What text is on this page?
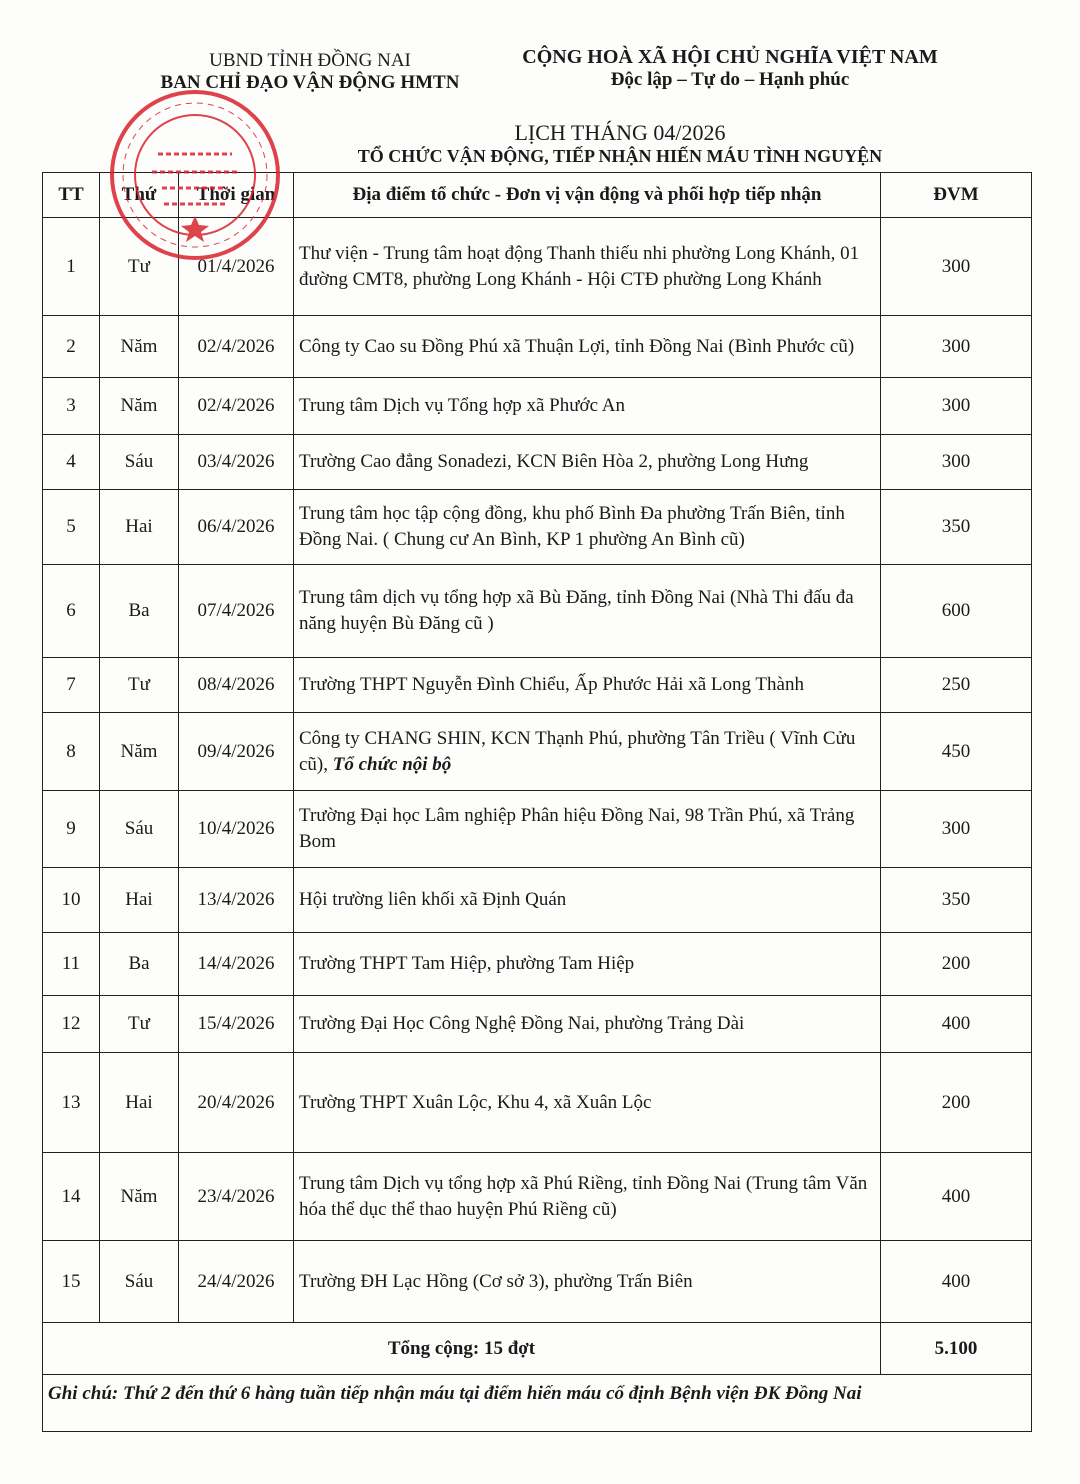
UBND TỈNH ĐỒNG NAI
BAN CHỈ ĐẠO VẬN ĐỘNG HMTN
CỘNG HOÀ XÃ HỘI CHỦ NGHĨA VIỆT NAM
Độc lập – Tự do – Hạnh phúc
LỊCH THÁNG 04/2026
TỔ CHỨC VẬN ĐỘNG, TIẾP NHẬN HIẾN MÁU TÌNH NGUYỆN
TT	Thứ	Thời gian	Địa điểm tổ chức - Đơn vị vận động và phối hợp tiếp nhận	ĐVM
1	Tư	01/4/2026	Thư viện - Trung tâm hoạt động Thanh thiếu nhi phường Long Khánh, 01 đường CMT8, phường Long Khánh - Hội CTĐ phường Long Khánh	300
2	Năm	02/4/2026	Công ty Cao su Đồng Phú xã Thuận Lợi, tỉnh Đồng Nai (Bình Phước cũ)	300
3	Năm	02/4/2026	Trung tâm Dịch vụ Tổng hợp xã Phước An	300
4	Sáu	03/4/2026	Trường Cao đẳng Sonadezi, KCN Biên Hòa 2, phường Long Hưng	300
5	Hai	06/4/2026	Trung tâm học tập cộng đồng, khu phố Bình Đa phường Trấn Biên, tỉnh Đồng Nai. ( Chung cư An Bình, KP 1 phường An Bình cũ)	350
6	Ba	07/4/2026	Trung tâm dịch vụ tổng hợp xã Bù Đăng, tỉnh Đồng Nai (Nhà Thi đấu đa năng huyện Bù Đăng cũ )	600
7	Tư	08/4/2026	Trường THPT Nguyễn Đình Chiểu, Ấp Phước Hải xã Long Thành	250
8	Năm	09/4/2026	Công ty CHANG SHIN, KCN Thạnh Phú, phường Tân Triều ( Vĩnh Cửu cũ), Tổ chức nội bộ	450
9	Sáu	10/4/2026	Trường Đại học Lâm nghiệp Phân hiệu Đồng Nai, 98 Trần Phú, xã Trảng Bom	300
10	Hai	13/4/2026	Hội trường liên khối xã Định Quán	350
11	Ba	14/4/2026	Trường THPT Tam Hiệp, phường Tam Hiệp	200
12	Tư	15/4/2026	Trường Đại Học Công Nghệ Đồng Nai, phường Trảng Dài	400
13	Hai	20/4/2026	Trường THPT Xuân Lộc, Khu 4, xã Xuân Lộc	200
14	Năm	23/4/2026	Trung tâm Dịch vụ tổng hợp xã Phú Riềng, tỉnh Đồng Nai (Trung tâm Văn hóa thể dục thể thao huyện Phú Riềng cũ)	400
15	Sáu	24/4/2026	Trường ĐH Lạc Hồng (Cơ sở 3), phường Trấn Biên	400
Tổng cộng: 15 đợt				5.100
Ghi chú: Thứ 2 đến thứ 6 hàng tuần tiếp nhận máu tại điểm hiến máu cố định Bệnh viện ĐK Đồng Nai				
